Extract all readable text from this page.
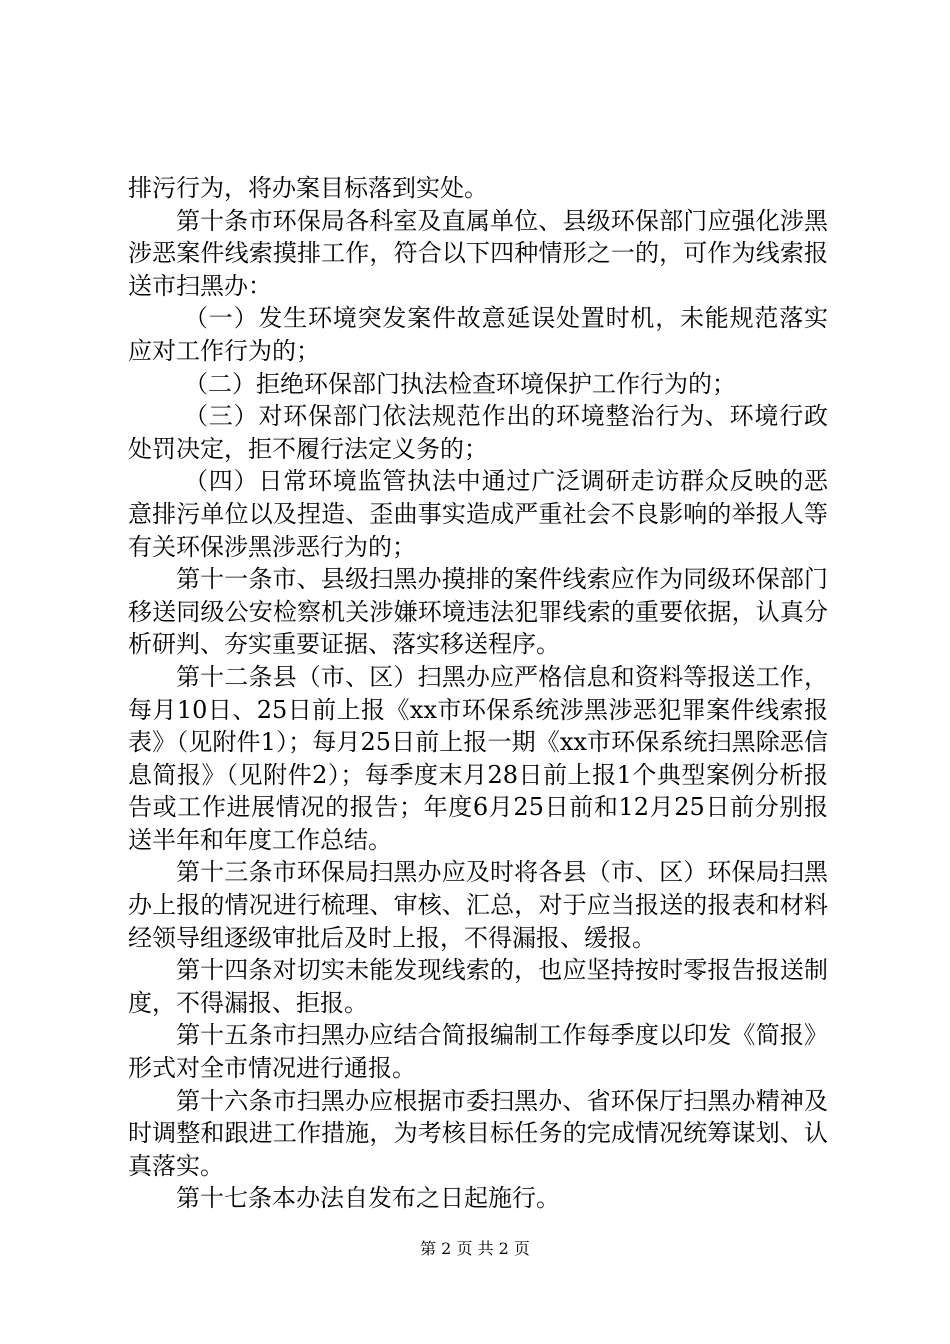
排污行为，将办案目标落到实处。

第十条市环保局各科室及直属单位、县级环保部门应强化涉黑涉恶案件线索摸排工作，符合以下四种情形之一的，可作为线索报送市扫黑办：

（一）发生环境突发案件故意延误处置时机，未能规范落实应对工作行为的；

（二）拒绝环保部门执法检查环境保护工作行为的；

（三）对环保部门依法规范作出的环境整治行为、环境行政处罚决定，拒不履行法定义务的；

（四）日常环境监管执法中通过广泛调研走访群众反映的恶意排污单位以及捏造、歪曲事实造成严重社会不良影响的举报人等有关环保涉黑涉恶行为的；

第十一条市、县级扫黑办摸排的案件线索应作为同级环保部门移送同级公安检察机关涉嫌环境违法犯罪线索的重要依据，认真分析研判、夯实重要证据、落实移送程序。

第十二条县（市、区）扫黑办应严格信息和资料等报送工作，每月10日、25日前上报《xx市环保系统涉黑涉恶犯罪案件线索报表》（见附件1）；每月25日前上报一期《xx市环保系统扫黑除恶信息简报》（见附件2）；每季度末月28日前上报1个典型案例分析报告或工作进展情况的报告；年度6月25日前和12月25日前分别报送半年和年度工作总结。

第十三条市环保局扫黑办应及时将各县（市、区）环保局扫黑办上报的情况进行梳理、审核、汇总，对于应当报送的报表和材料经领导组逐级审批后及时上报，不得漏报、缓报。

第十四条对切实未能发现线索的，也应坚持按时零报告报送制度，不得漏报、拒报。

第十五条市扫黑办应结合简报编制工作每季度以印发《简报》形式对全市情况进行通报。

第十六条市扫黑办应根据市委扫黑办、省环保厅扫黑办精神及时调整和跟进工作措施，为考核目标任务的完成情况统筹谋划、认真落实。

第十七条本办法自发布之日起施行。

第 2 页 共 2 页
